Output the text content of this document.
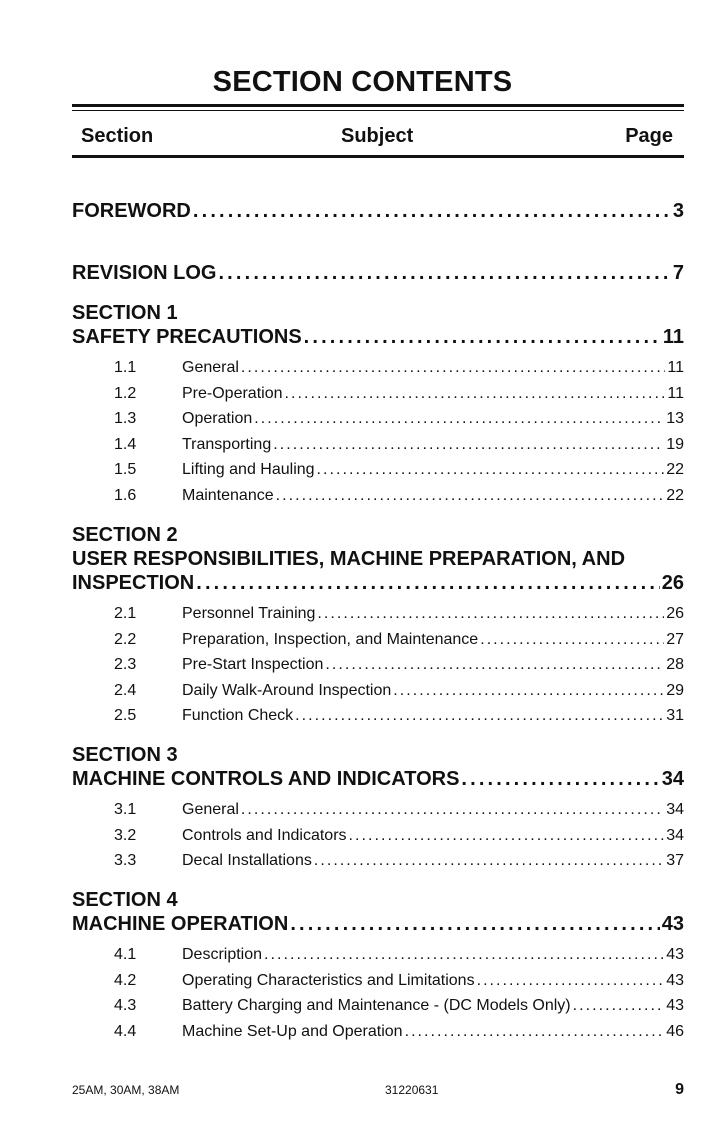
SECTION CONTENTS
Section	Subject	Page
FOREWORD . . .	3
REVISION LOG . . .	7
SECTION 1
SAFETY PRECAUTIONS . . .	11
1.1	General . . .	11
1.2	Pre-Operation . . .	11
1.3	Operation . . .	13
1.4	Transporting . . .	19
1.5	Lifting and Hauling . . .	22
1.6	Maintenance . . .	22
SECTION 2
USER RESPONSIBILITIES, MACHINE PREPARATION, AND
INSPECTION . . .	26
2.1	Personnel Training . . .	26
2.2	Preparation, Inspection, and Maintenance . . .	27
2.3	Pre-Start Inspection . . .	28
2.4	Daily Walk-Around Inspection . . .	29
2.5	Function Check . . .	31
SECTION 3
MACHINE CONTROLS AND INDICATORS . . .	34
3.1	General . . .	34
3.2	Controls and Indicators . . .	34
3.3	Decal Installations . . .	37
SECTION 4
MACHINE OPERATION . . .	43
4.1	Description . . .	43
4.2	Operating Characteristics and Limitations . . .	43
4.3	Battery Charging and Maintenance - (DC Models Only) . . .	43
4.4	Machine Set-Up and Operation . . .	46
25AM, 30AM, 38AM	31220631	9
